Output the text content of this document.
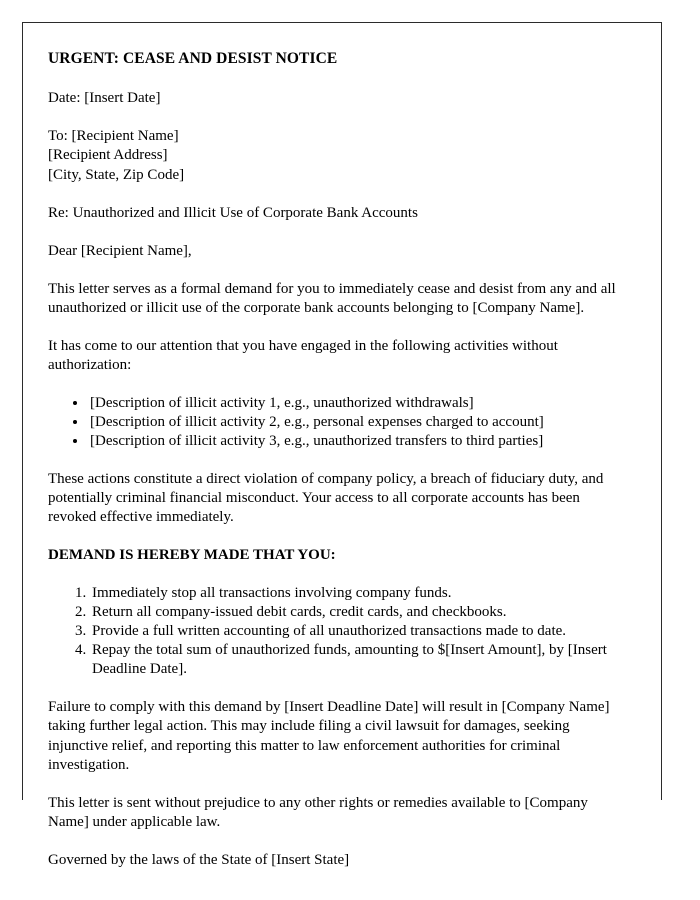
URGENT: CEASE AND DESIST NOTICE

Date: [Insert Date]

To: [Recipient Name]
[Recipient Address]
[City, State, Zip Code]

Re: Unauthorized and Illicit Use of Corporate Bank Accounts

Dear [Recipient Name],

This letter serves as a formal demand for you to immediately cease and desist from any and all unauthorized or illicit use of the corporate bank accounts belonging to [Company Name].

It has come to our attention that you have engaged in the following activities without authorization:

• [Description of illicit activity 1, e.g., unauthorized withdrawals]
• [Description of illicit activity 2, e.g., personal expenses charged to account]
• [Description of illicit activity 3, e.g., unauthorized transfers to third parties]

These actions constitute a direct violation of company policy, a breach of fiduciary duty, and potentially criminal financial misconduct. Your access to all corporate accounts has been revoked effective immediately.

DEMAND IS HEREBY MADE THAT YOU:
1. Immediately stop all transactions involving company funds.
2. Return all company-issued debit cards, credit cards, and checkbooks.
3. Provide a full written accounting of all unauthorized transactions made to date.
4. Repay the total sum of unauthorized funds, amounting to $[Insert Amount], by [Insert Deadline Date].

Failure to comply with this demand by [Insert Deadline Date] will result in [Company Name] taking further legal action. This may include filing a civil lawsuit for damages, seeking injunctive relief, and reporting this matter to law enforcement authorities for criminal investigation.

This letter is sent without prejudice to any other rights or remedies available to [Company Name] under applicable law.

Governed by the laws of the State of [Insert State]
